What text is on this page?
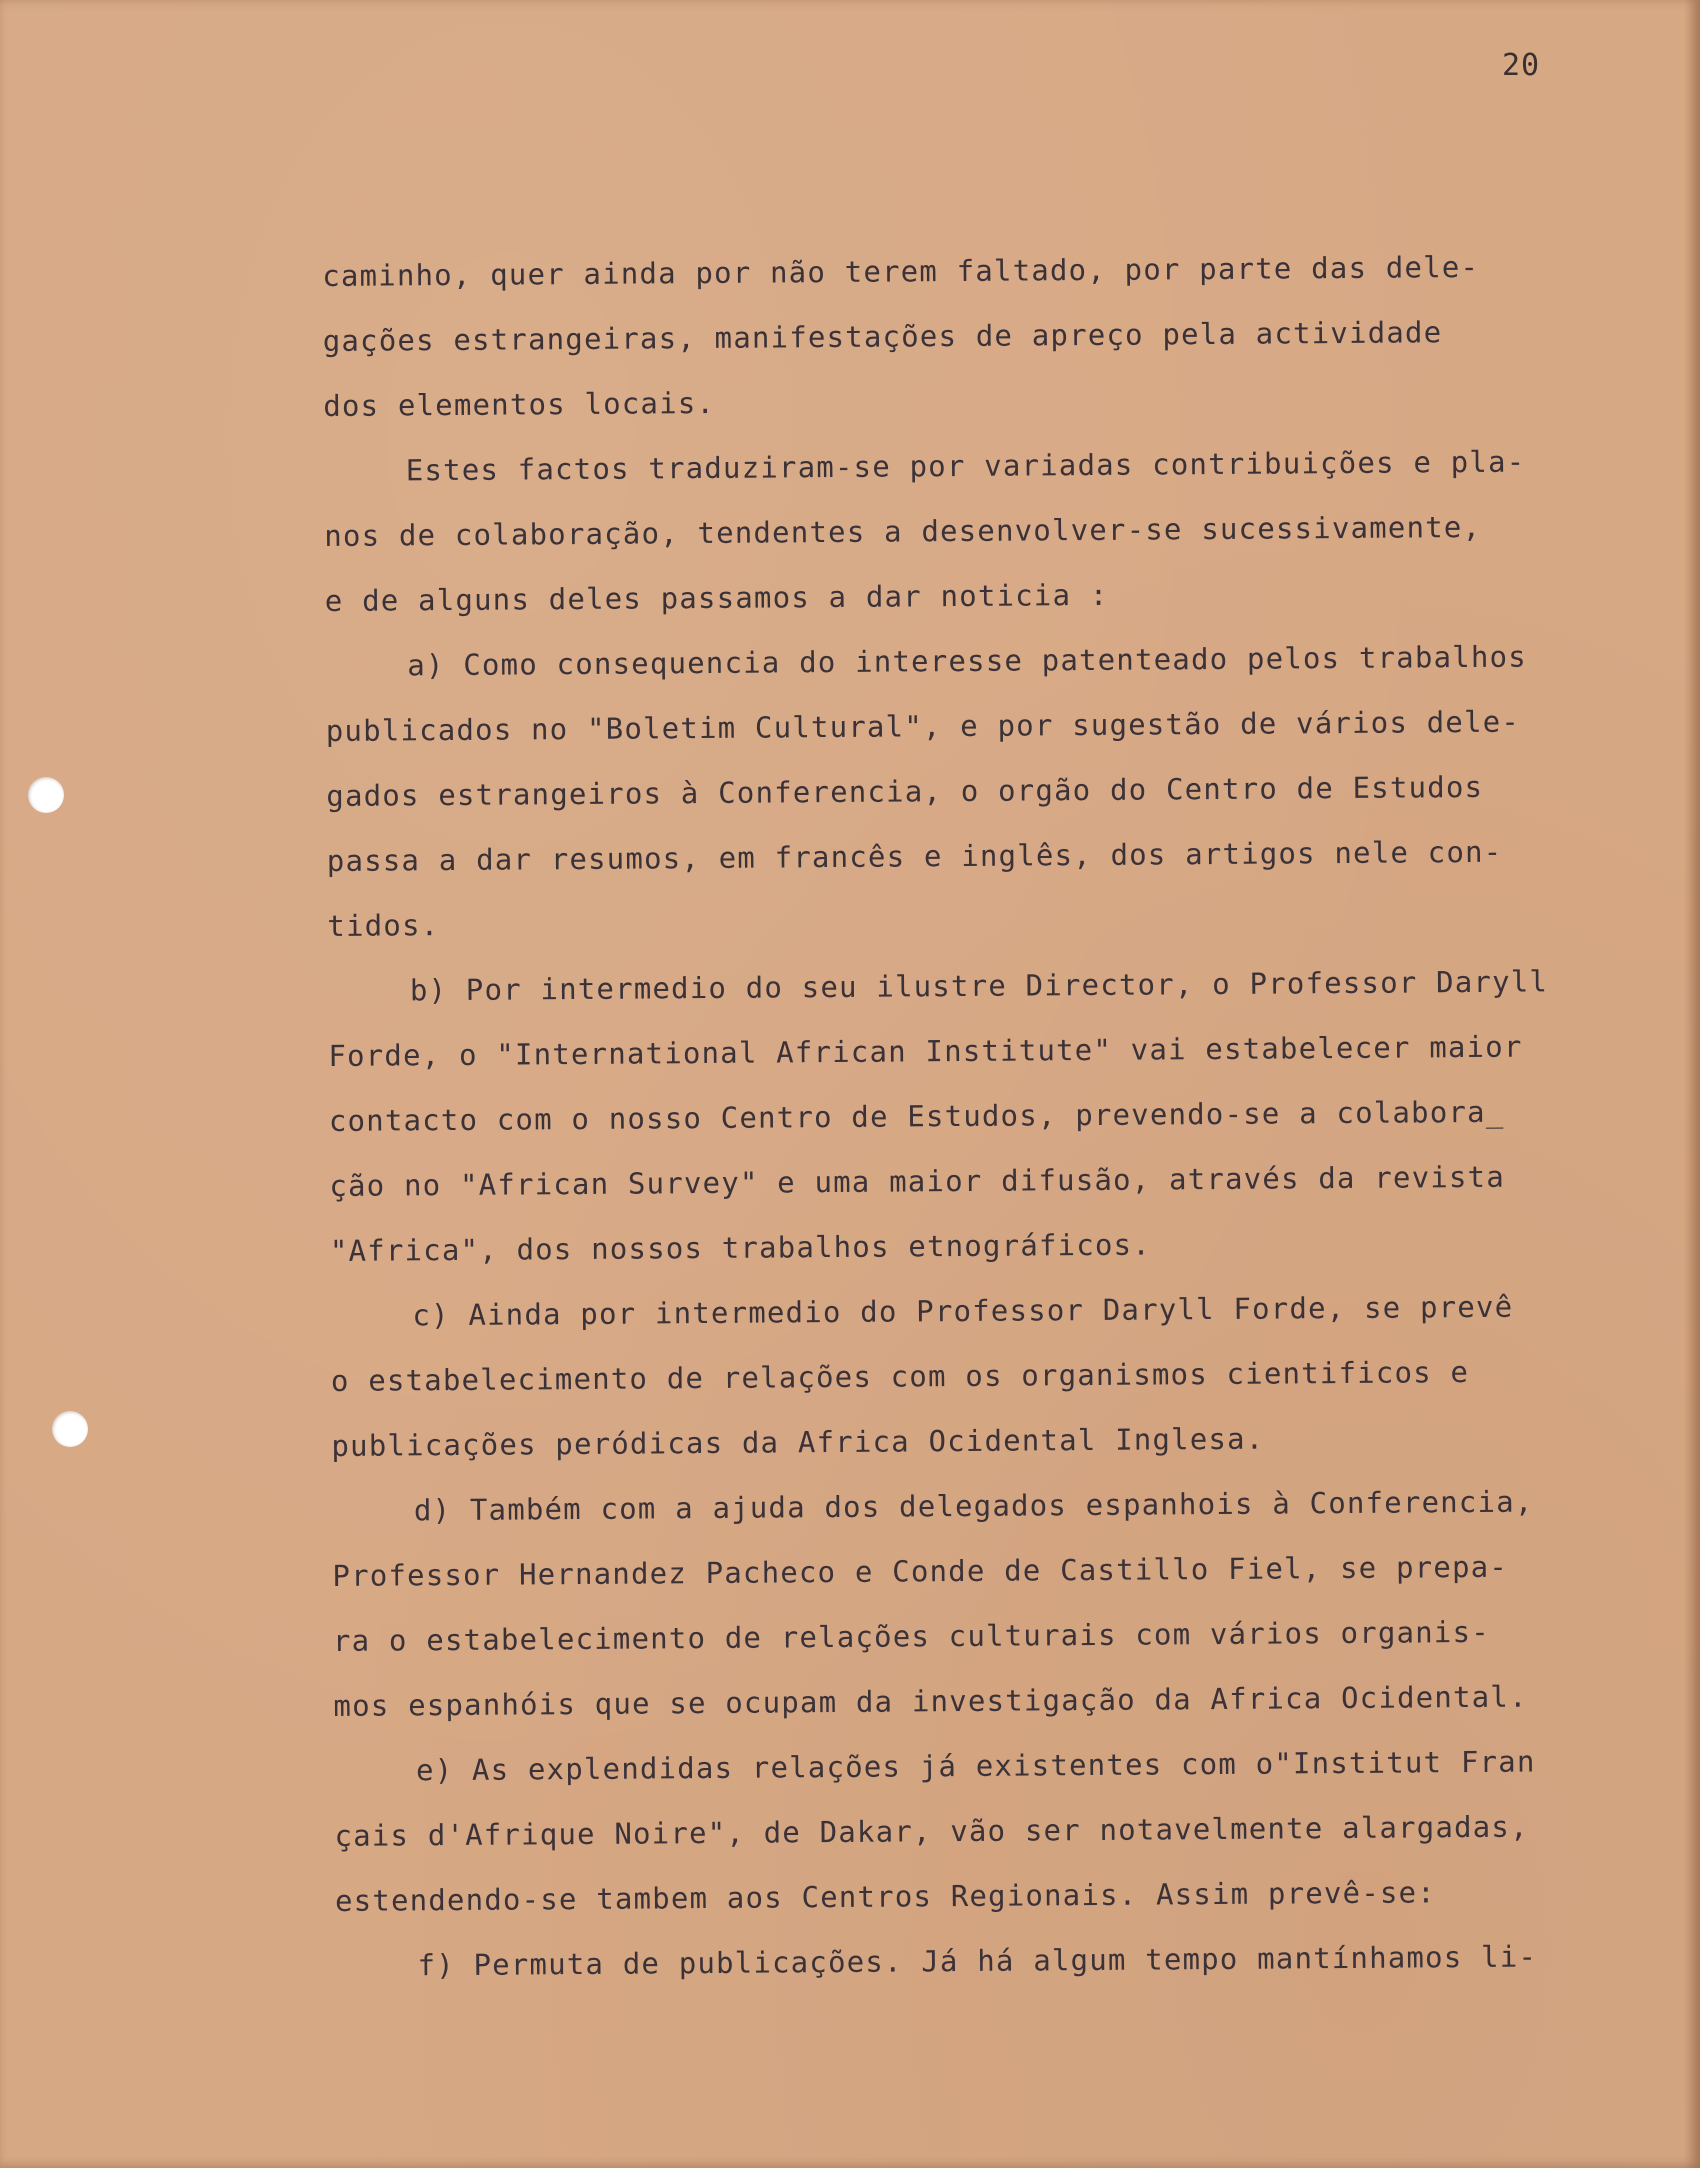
20
caminho, quer ainda por não terem faltado, por parte das dele-
gações estrangeiras, manifestações de apreço pela actividade
dos elementos locais.
Estes factos traduziram-se por variadas contribuições e pla-
nos de colaboração, tendentes a desenvolver-se sucessivamente,
e de alguns deles passamos a dar noticia :
a) Como consequencia do interesse patenteado pelos trabalhos
publicados no "Boletim Cultural", e por sugestão de vários dele-
gados estrangeiros à Conferencia, o orgão do Centro de Estudos
passa a dar resumos, em francês e inglês, dos artigos nele con-
tidos.
b) Por intermedio do seu ilustre Director, o Professor Daryll
Forde, o "International African Institute" vai estabelecer maior
contacto com o nosso Centro de Estudos, prevendo-se a colabora_
ção no "African Survey" e uma maior difusão, através da revista
"Africa", dos nossos trabalhos etnográficos.
c) Ainda por intermedio do Professor Daryll Forde, se prevê
o estabelecimento de relações com os organismos cientificos e
publicações peródicas da Africa Ocidental Inglesa.
d) Também com a ajuda dos delegados espanhois à Conferencia,
Professor Hernandez Pacheco e Conde de Castillo Fiel, se prepa-
ra o estabelecimento de relações culturais com vários organis-
mos espanhóis que se ocupam da investigação da Africa Ocidental.
e) As explendidas relações já existentes com o"Institut Fran
çais d'Afrique Noire", de Dakar, vão ser notavelmente alargadas,
estendendo-se tambem aos Centros Regionais. Assim prevê-se:
f) Permuta de publicações. Já há algum tempo mantínhamos li-
